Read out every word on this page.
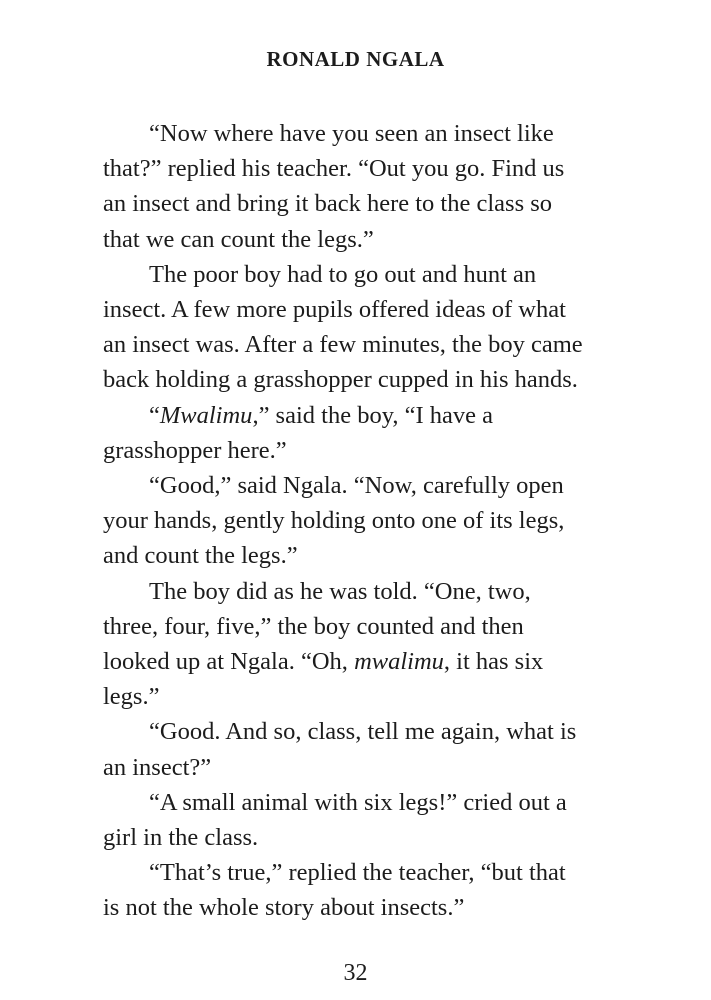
RONALD NGALA

“Now where have you seen an insect like
that?” replied his teacher. “Out you go. Find us
an insect and bring it back here to the class so
that we can count the legs.”

The poor boy had to go out and hunt an
insect. A few more pupils offered ideas of what
an insect was. After a few minutes, the boy came
back holding a grasshopper cupped in his hands.

“Mwalimu,” said the boy, “I have a
grasshopper here.”

“Good,” said Ngala. “Now, carefully open
your hands, gently holding onto one of its legs,
and count the legs.”

The boy did as he was told. “One, two,
three, four, five,” the boy counted and then
looked up at Ngala. “Oh, mwalimu, it has six
legs.”

“Good. And so, class, tell me again, what is
an insect?”

“A small animal with six legs!” cried out a
girl in the class.

“That’s true,” replied the teacher, “but that
is not the whole story about insects.”

32
